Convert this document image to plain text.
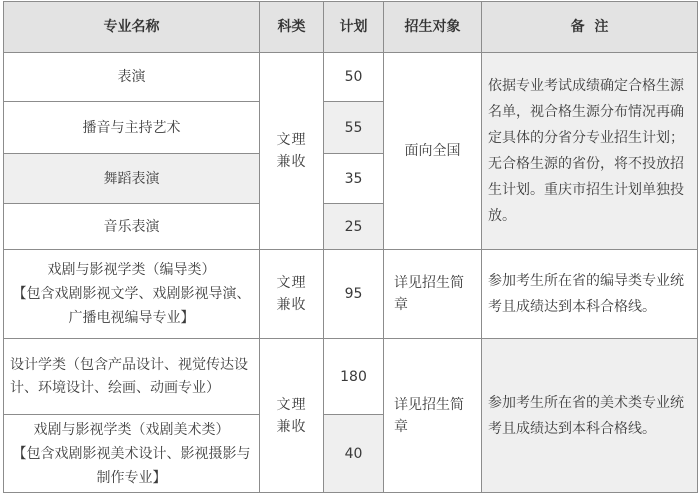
专业名称	科类	计划	招生对象	备  注
表演	文理兼收	50	面向全国	依据专业考试成绩确定合格生源名单，视合格生源分布情况再确定具体的分省分专业招生计划；无合格生源的省份，将不投放招生计划。重庆市招生计划单独投放。
播音与主持艺术		55		
舞蹈表演		35		
音乐表演		25		

戏剧与影视学类（编导类）
【包含戏剧影视文学、戏剧影视导演、广播电视编导专业】	文理兼收	95	详见招生简章	参加考生所在省的编导类专业统考且成绩达到本科合格线。
设计学类（包含产品设计、视觉传达设计、环境设计、绘画、动画专业）	文理兼收	180	详见招生简章	参加考生所在省的美术类专业统考且成绩达到本科合格线。

戏剧与影视学类（戏剧美术类）
【包含戏剧影视美术设计、影视摄影与制作专业】		40		
